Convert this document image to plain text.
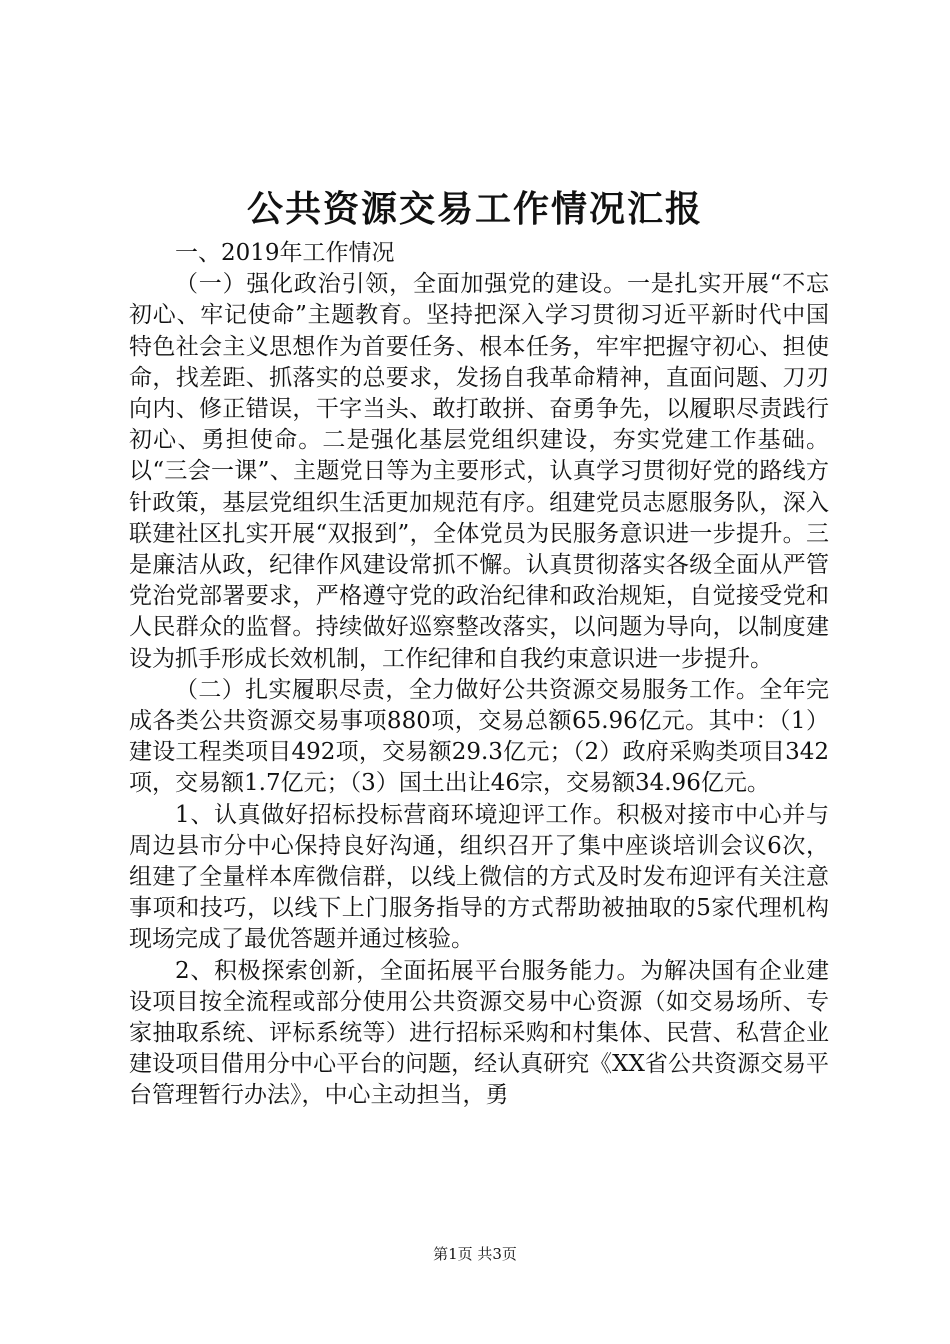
公共资源交易工作情况汇报

一、2019年工作情况

（一）强化政治引领，全面加强党的建设。一是扎实开展“不忘初心、牢记使命”主题教育。坚持把深入学习贯彻习近平新时代中国特色社会主义思想作为首要任务、根本任务，牢牢把握守初心、担使命，找差距、抓落实的总要求，发扬自我革命精神，直面问题、刀刃向内、修正错误，干字当头、敢打敢拼、奋勇争先，以履职尽责践行初心、勇担使命。二是强化基层党组织建设，夯实党建工作基础。以“三会一课”、主题党日等为主要形式，认真学习贯彻好党的路线方针政策，基层党组织生活更加规范有序。组建党员志愿服务队，深入联建社区扎实开展“双报到”，全体党员为民服务意识进一步提升。三是廉洁从政，纪律作风建设常抓不懈。认真贯彻落实各级全面从严管党治党部署要求，严格遵守党的政治纪律和政治规矩，自觉接受党和人民群众的监督。持续做好巡察整改落实，以问题为导向，以制度建设为抓手形成长效机制，工作纪律和自我约束意识进一步提升。

（二）扎实履职尽责，全力做好公共资源交易服务工作。全年完成各类公共资源交易事项880项，交易总额65.96亿元。其中：（1）建设工程类项目492项，交易额29.3亿元；（2）政府采购类项目342项，交易额1.7亿元；（3）国土出让46宗，交易额34.96亿元。

1、认真做好招标投标营商环境迎评工作。积极对接市中心并与周边县市分中心保持良好沟通，组织召开了集中座谈培训会议6次，组建了全量样本库微信群，以线上微信的方式及时发布迎评有关注意事项和技巧，以线下上门服务指导的方式帮助被抽取的5家代理机构现场完成了最优答题并通过核验。

2、积极探索创新，全面拓展平台服务能力。为解决国有企业建设项目按全流程或部分使用公共资源交易中心资源（如交易场所、专家抽取系统、评标系统等）进行招标采购和村集体、民营、私营企业建设项目借用分中心平台的问题，经认真研究《XX省公共资源交易平台管理暂行办法》，中心主动担当，勇

第1页 共3页
